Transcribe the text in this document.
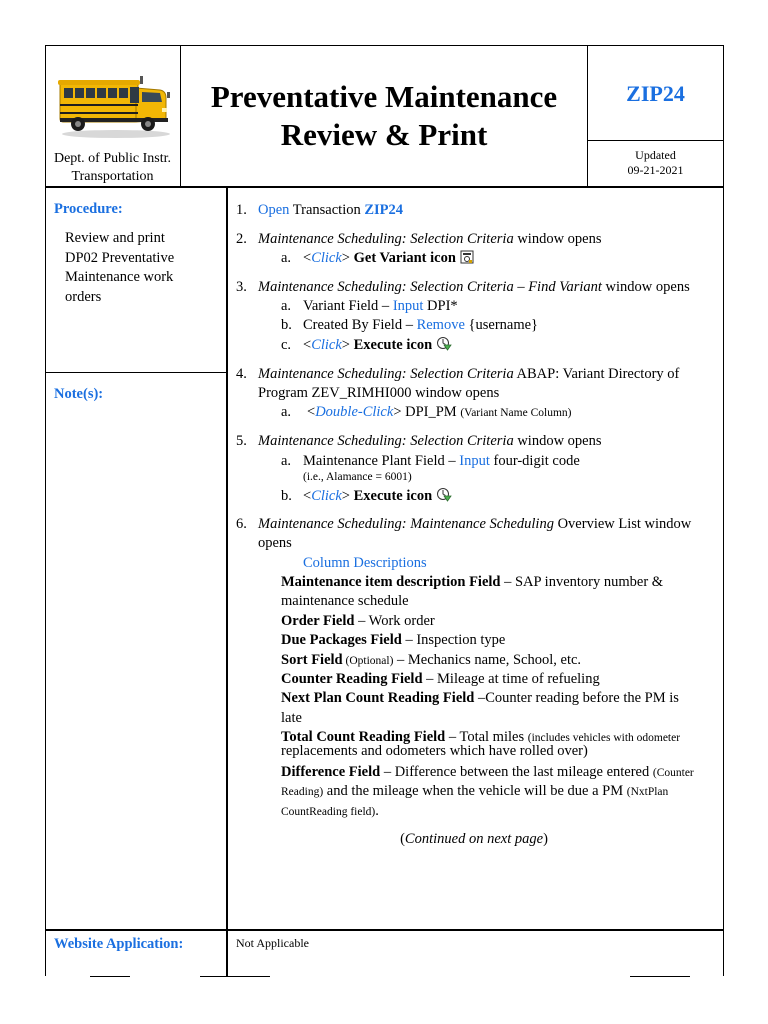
Dept. of Public Instr.
Transportation
Preventative Maintenance
Review & Print
ZIP24
Updated
09-21-2021
Procedure:
Review and print
DP02 Preventative
Maintenance work
orders
Note(s):
Website Application:	Not Applicable
1. Open Transaction ZIP24
2. Maintenance Scheduling: Selection Criteria window opens
a. <Click> Get Variant icon
3. Maintenance Scheduling: Selection Criteria – Find Variant window opens
a. Variant Field – Input DPI*
b. Created By Field – Remove {username}
c. <Click> Execute icon
4. Maintenance Scheduling: Selection Criteria ABAP: Variant Directory of
Program ZEV_RIMHI000 window opens
a. <Double-Click> DPI_PM (Variant Name Column)
5. Maintenance Scheduling: Selection Criteria window opens
a. Maintenance Plant Field – Input four-digit code
(i.e., Alamance = 6001)
b. <Click> Execute icon
6. Maintenance Scheduling: Maintenance Scheduling Overview List window
opens
Column Descriptions
Maintenance item description Field – SAP inventory number &
maintenance schedule
Order Field – Work order
Due Packages Field – Inspection type
Sort Field (Optional) – Mechanics name, School, etc.
Counter Reading Field – Mileage at time of refueling
Next Plan Count Reading Field –Counter reading before the PM is
late
Total Count Reading Field – Total miles (includes vehicles with odometer
replacements and odometers which have rolled over)
Difference Field – Difference between the last mileage entered (Counter
Reading) and the mileage when the vehicle will be due a PM (NxtPlan
CountReading field).
(Continued on next page)
